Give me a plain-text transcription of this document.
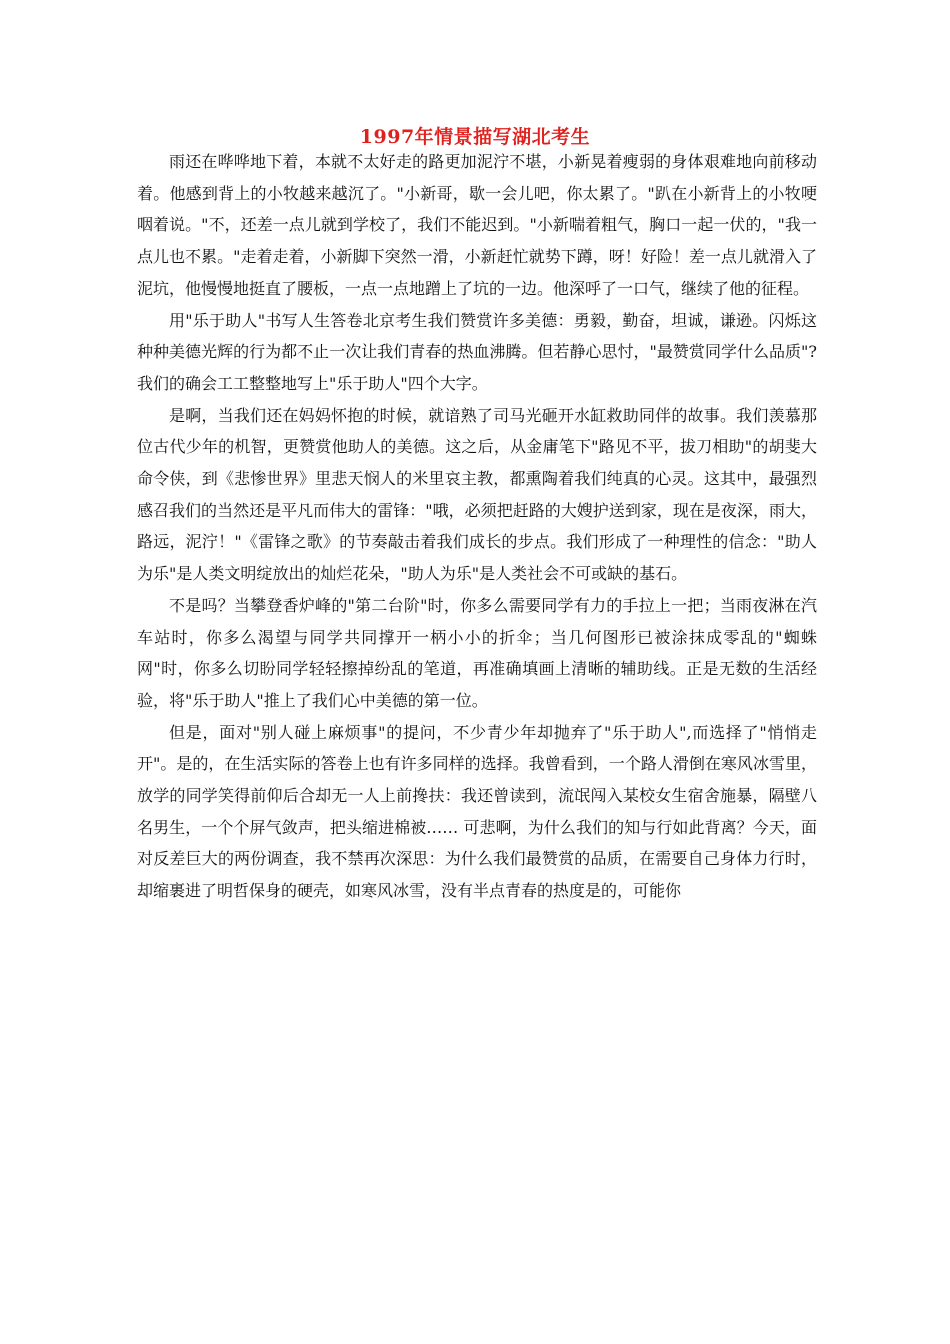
1997年情景描写湖北考生

雨还在哗哗地下着，本就不太好走的路更加泥泞不堪，小新晃着瘦弱的身体艰难地向前移动着。他感到背上的小牧越来越沉了。"小新哥，歇一会儿吧，你太累了。"趴在小新背上的小牧哽咽着说。"不，还差一点儿就到学校了，我们不能迟到。"小新喘着粗气，胸口一起一伏的，"我一点儿也不累。"走着走着，小新脚下突然一滑，小新赶忙就势下蹲，呀！好险！差一点儿就滑入了泥坑，他慢慢地挺直了腰板，一点一点地蹭上了坑的一边。他深呼了一口气，继续了他的征程。

用"乐于助人"书写人生答卷北京考生我们赞赏许多美德：勇毅，勤奋，坦诚，谦逊。闪烁这种种美德光辉的行为都不止一次让我们青春的热血沸腾。但若静心思忖，"最赞赏同学什么品质"?我们的确会工工整整地写上"乐于助人"四个大字。

是啊，当我们还在妈妈怀抱的时候，就谙熟了司马光砸开水缸救助同伴的故事。我们羡慕那位古代少年的机智，更赞赏他助人的美德。这之后，从金庸笔下"路见不平，拔刀相助"的胡斐大命令侠，到《悲惨世界》里悲天悯人的米里哀主教，都熏陶着我们纯真的心灵。这其中，最强烈感召我们的当然还是平凡而伟大的雷锋："哦，必须把赶路的大嫂护送到家，现在是夜深，雨大，路远，泥泞！"《雷锋之歌》的节奏敲击着我们成长的步点。我们形成了一种理性的信念："助人为乐"是人类文明绽放出的灿烂花朵，"助人为乐"是人类社会不可或缺的基石。

不是吗？当攀登香炉峰的"第二台阶"时，你多么需要同学有力的手拉上一把；当雨夜淋在汽车站时，你多么渴望与同学共同撑开一柄小小的折伞；当几何图形已被涂抹成零乱的"蜘蛛网"时，你多么切盼同学轻轻擦掉纷乱的笔道，再准确填画上清晰的辅助线。正是无数的生活经验，将"乐于助人"推上了我们心中美德的第一位。

但是，面对"别人碰上麻烦事"的提问，不少青少年却抛弃了"乐于助人",而选择了"悄悄走开"。是的，在生活实际的答卷上也有许多同样的选择。我曾看到，一个路人滑倒在寒风冰雪里，放学的同学笑得前仰后合却无一人上前搀扶：我还曾读到，流氓闯入某校女生宿舍施暴，隔壁八名男生，一个个屏气敛声，把头缩进棉被…… 可悲啊，为什么我们的知与行如此背离？今天，面对反差巨大的两份调查，我不禁再次深思：为什么我们最赞赏的品质，在需要自己身体力行时，却缩裹进了明哲保身的硬壳，如寒风冰雪，没有半点青春的热度是的，可能你
